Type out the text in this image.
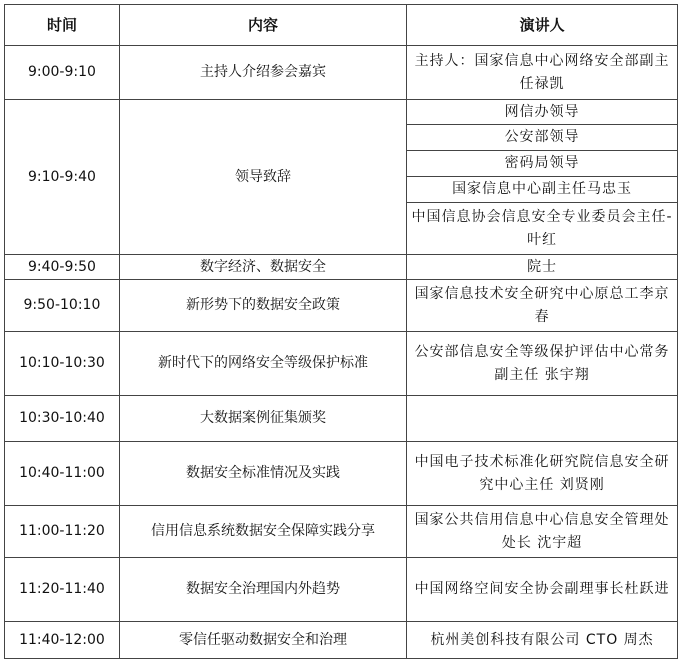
时间	内容	演讲人
9:00-9:10	主持人介绍参会嘉宾	主持人：国家信息中心网络安全部副主任禄凯
9:10-9:40	领导致辞	网信办领导
		公安部领导
		密码局领导
		国家信息中心副主任马忠玉
		中国信息协会信息安全专业委员会主任-叶红
9:40-9:50	数字经济、数据安全	院士
9:50-10:10	新形势下的数据安全政策	国家信息技术安全研究中心原总工李京春
10:10-10:30	新时代下的网络安全等级保护标准	公安部信息安全等级保护评估中心常务副主任 张宇翔
10:30-10:40	大数据案例征集颁奖	
10:40-11:00	数据安全标准情况及实践	中国电子技术标准化研究院信息安全研究中心主任 刘贤刚
11:00-11:20	信用信息系统数据安全保障实践分享	国家公共信用信息中心信息安全管理处处长 沈宇超
11:20-11:40	数据安全治理国内外趋势	中国网络空间安全协会副理事长杜跃进
11:40-12:00	零信任驱动数据安全和治理	杭州美创科技有限公司 CTO 周杰
